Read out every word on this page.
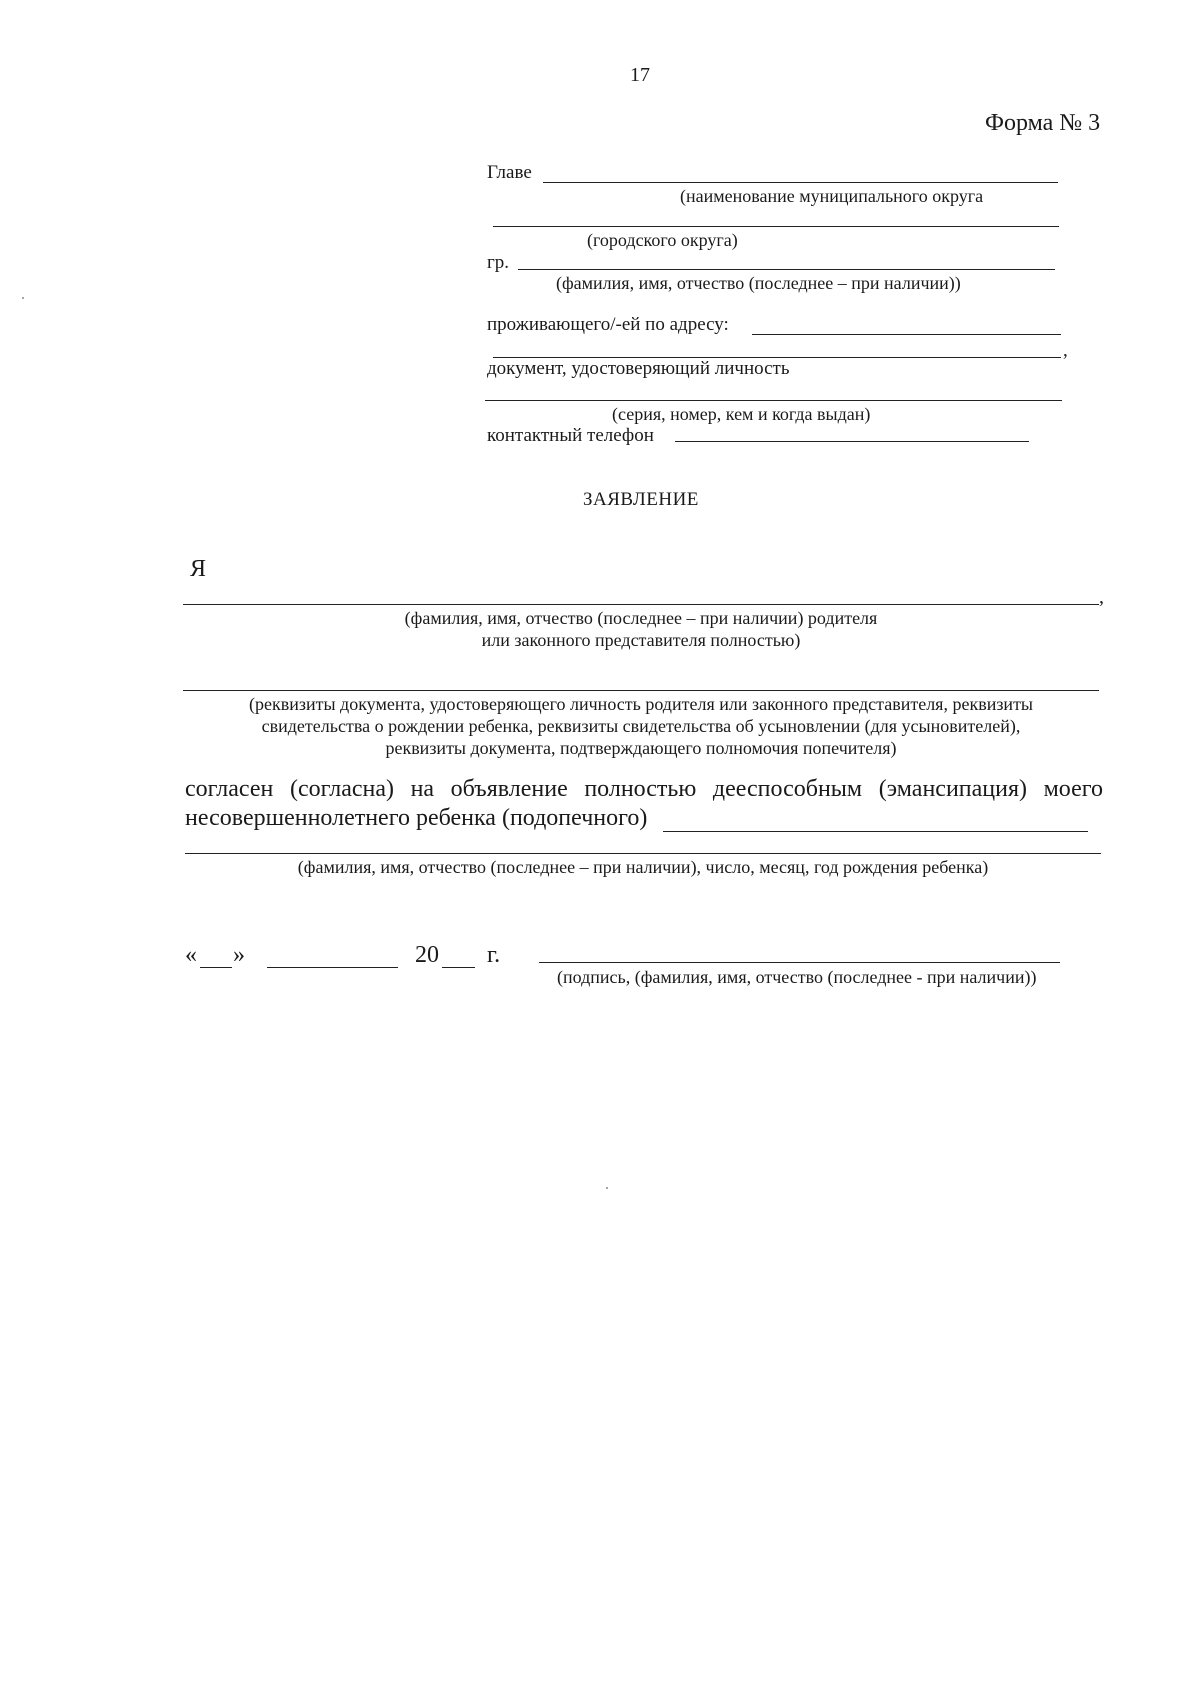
17
Форма № 3
Главе
(наименование муниципального округа
(городского округа)
гр.
(фамилия, имя, отчество (последнее – при наличии))
проживающего/-ей по адресу:
,
документ, удостоверяющий личность
(серия, номер, кем и когда выдан)
контактный телефон
ЗАЯВЛЕНИЕ
Я
,
(фамилия, имя, отчество (последнее – при наличии) родителя
или законного представителя полностью)
(реквизиты документа, удостоверяющего личность родителя или законного представителя, реквизиты
свидетельства о рождении ребенка, реквизиты свидетельства об усыновлении (для усыновителей),
реквизиты документа, подтверждающего полномочия попечителя)
согласен (согласна) на объявление полностью дееспособным (эмансипация) моего
несовершеннолетнего ребенка (подопечного)
(фамилия, имя, отчество (последнее – при наличии), число, месяц, год рождения ребенка)
« »	20 г.
(подпись, (фамилия, имя, отчество (последнее - при наличии))
